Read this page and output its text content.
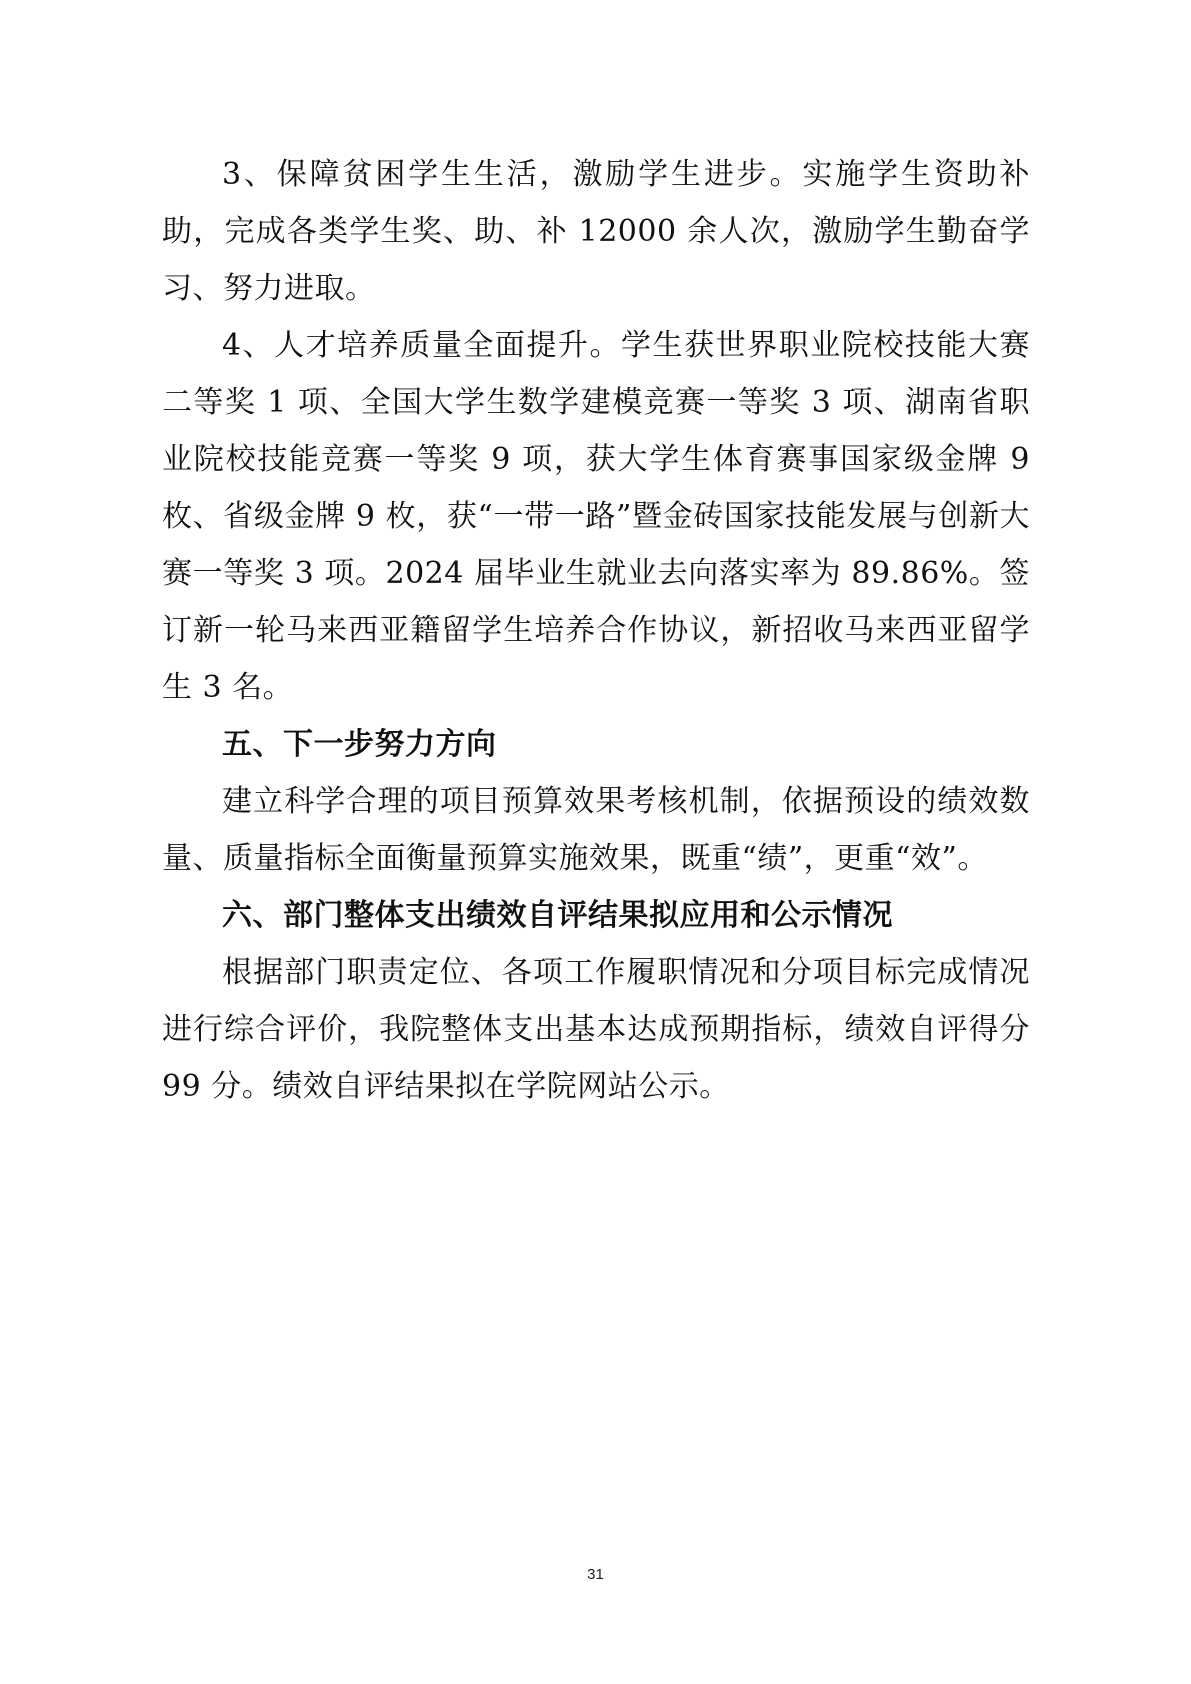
3、保障贫困学生生活，激励学生进步。实施学生资助补助，完成各类学生奖、助、补 12000 余人次，激励学生勤奋学习、努力进取。

4、人才培养质量全面提升。学生获世界职业院校技能大赛二等奖 1 项、全国大学生数学建模竞赛一等奖 3 项、湖南省职业院校技能竞赛一等奖 9 项，获大学生体育赛事国家级金牌 9 枚、省级金牌 9 枚，获“一带一路”暨金砖国家技能发展与创新大赛一等奖 3 项。2024 届毕业生就业去向落实率为 89.86%。签订新一轮马来西亚籍留学生培养合作协议，新招收马来西亚留学生 3 名。

五、下一步努力方向

建立科学合理的项目预算效果考核机制，依据预设的绩效数量、质量指标全面衡量预算实施效果，既重“绩”，更重“效”。

六、部门整体支出绩效自评结果拟应用和公示情况

根据部门职责定位、各项工作履职情况和分项目标完成情况进行综合评价，我院整体支出基本达成预期指标，绩效自评得分 99 分。绩效自评结果拟在学院网站公示。

31
